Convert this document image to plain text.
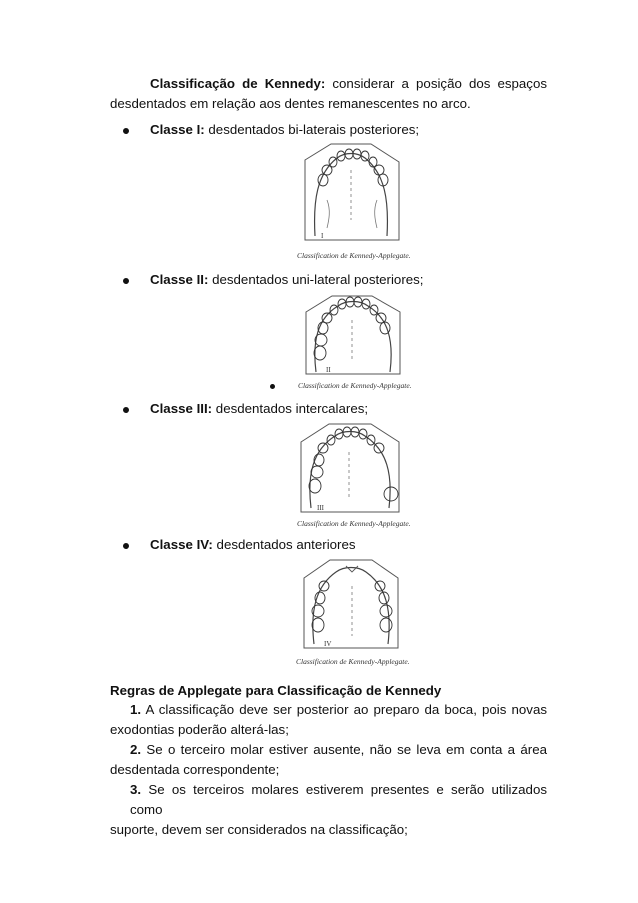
Classificação de Kennedy: considerar a posição dos espaços
desdentados em relação aos dentes remanescentes no arco.
Classe I: desdentados bi-laterais posteriores;
I
Classification de Kennedy-Applegate.
Classe II: desdentados uni-lateral posteriores;
II
Classification de Kennedy-Applegate.
Classe III: desdentados intercalares;
III
Classification de Kennedy-Applegate.
Classe IV: desdentados anteriores
IV
Classification de Kennedy-Applegate.
Regras de Applegate para Classificação de Kennedy
1. A classificação deve ser posterior ao preparo da boca, pois novas
exodontias poderão alterá-las;
2. Se o terceiro molar estiver ausente, não se leva em conta a área
desdentada correspondente;
3. Se os terceiros molares estiverem presentes e serão utilizados como
suporte, devem ser considerados na classificação;
